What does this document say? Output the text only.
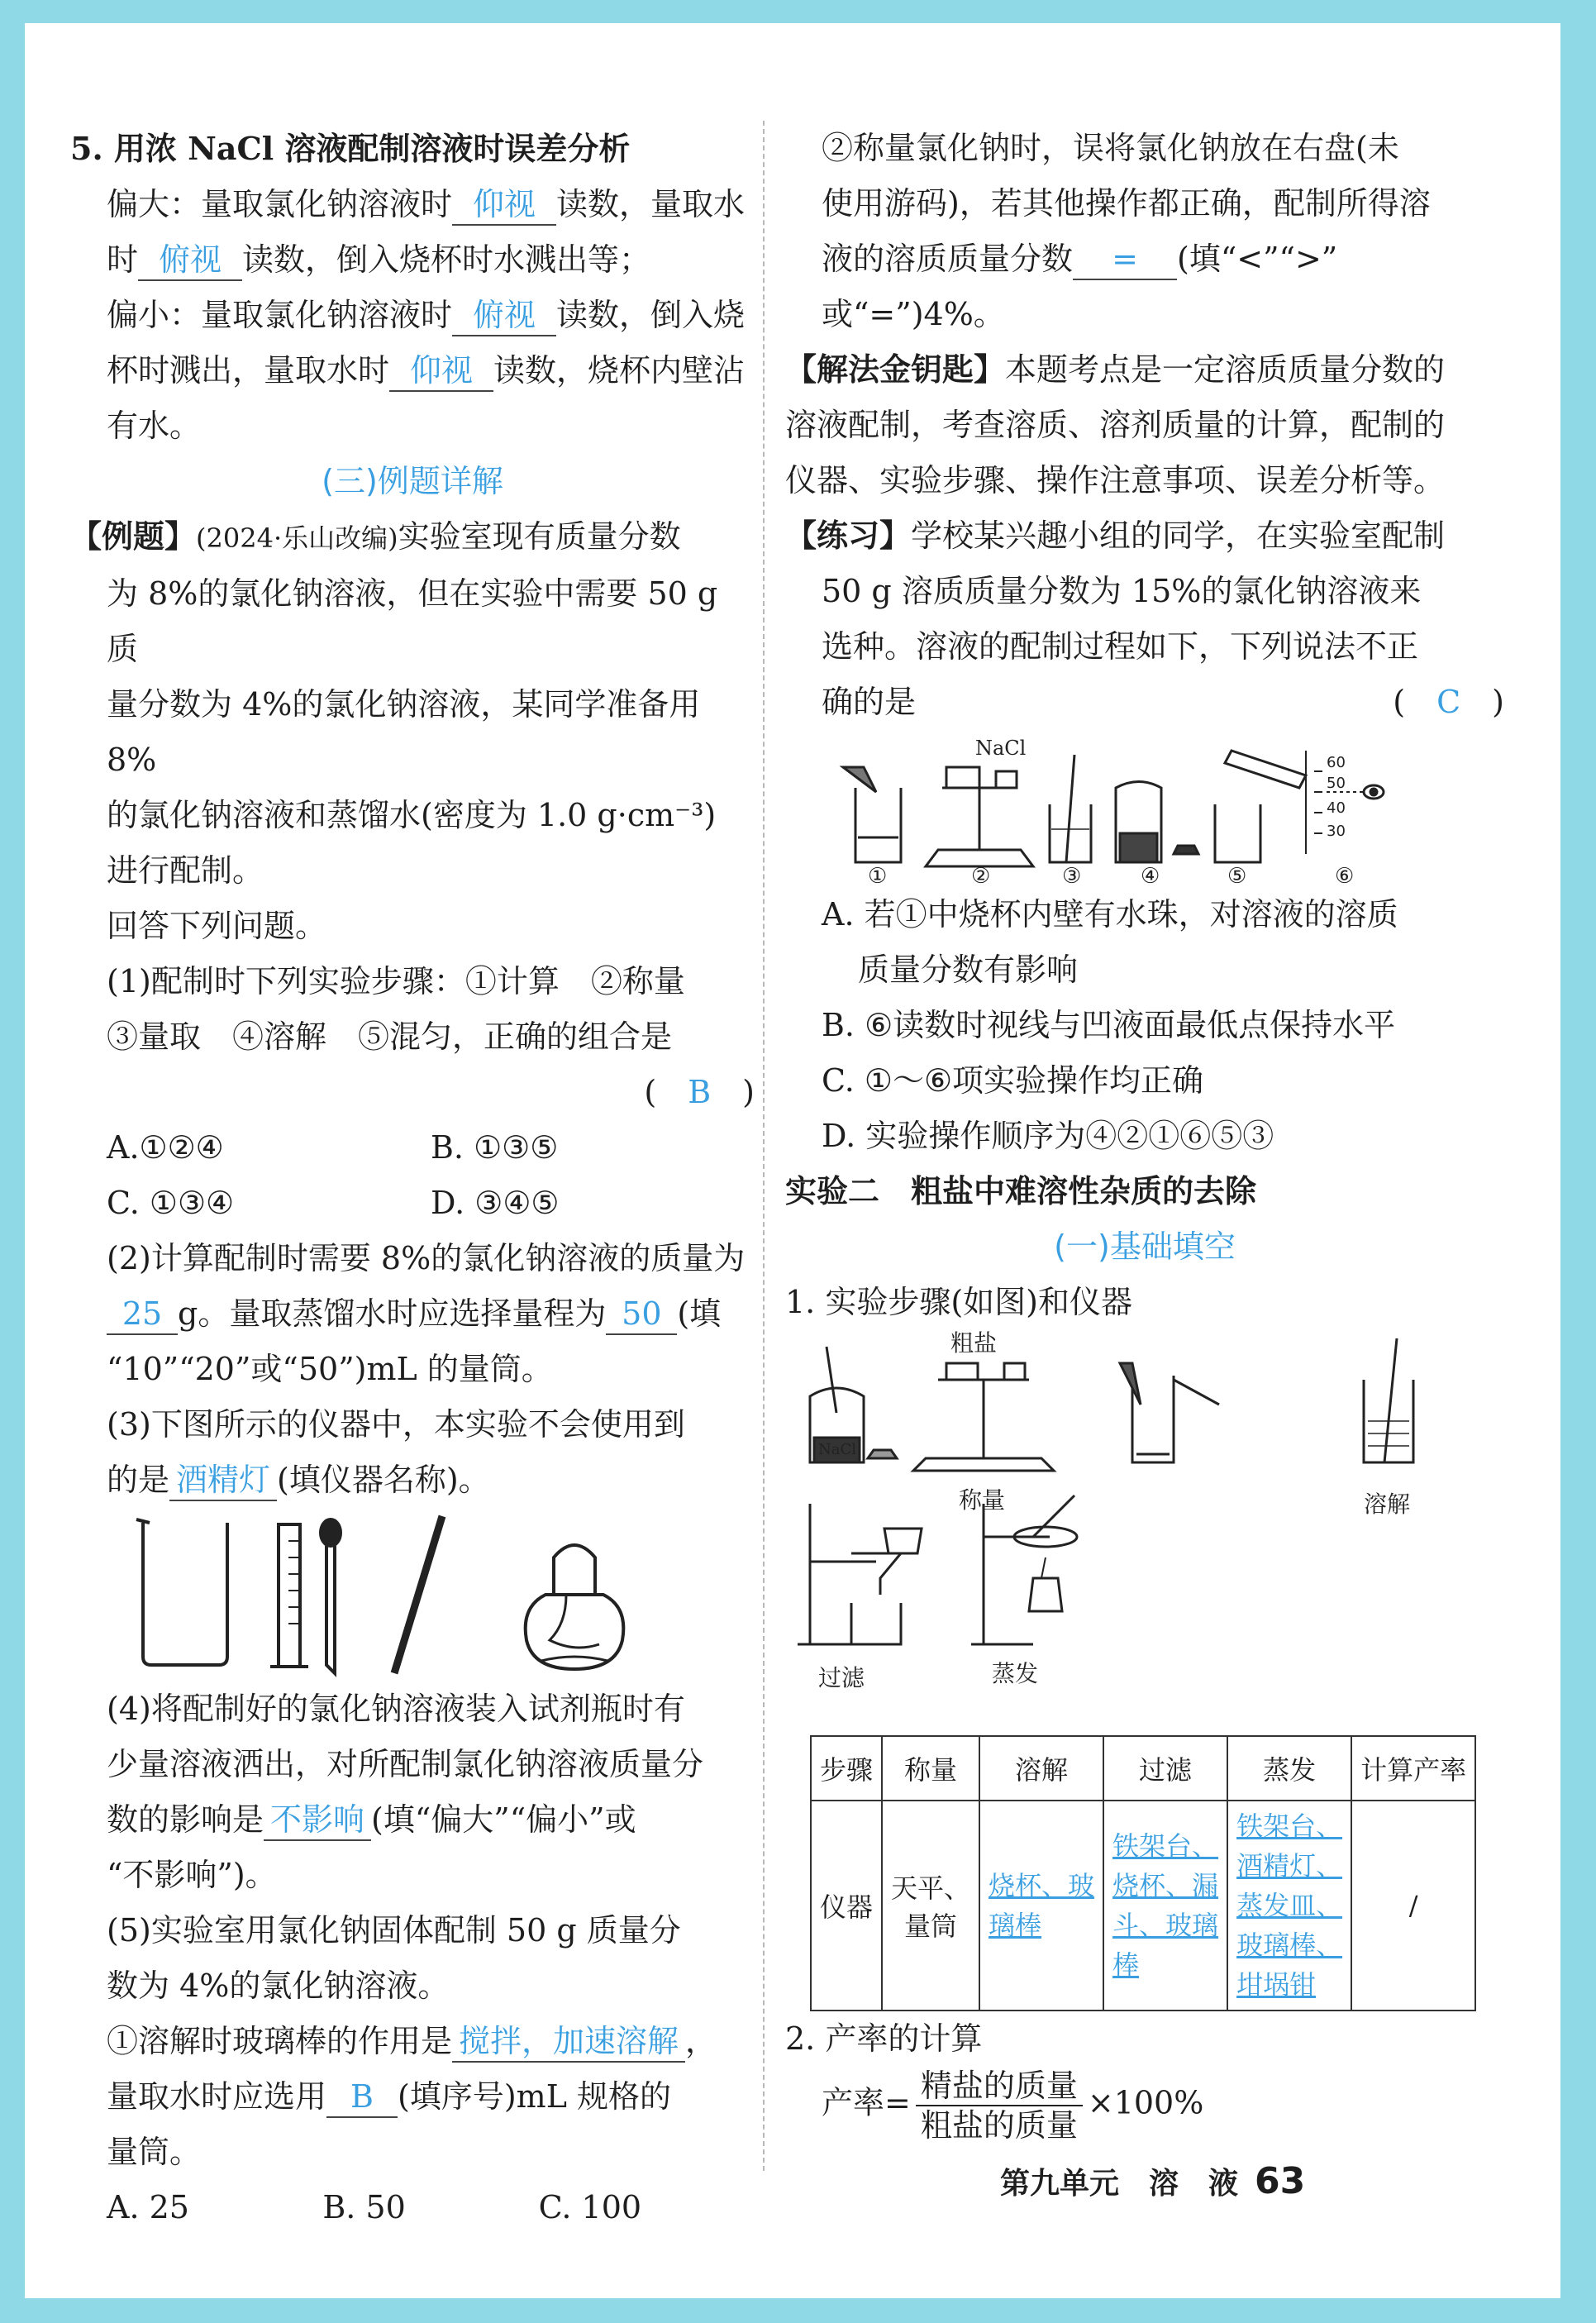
5. 用浓 NaCl 溶液配制溶液时误差分析

偏大：量取氯化钠溶液时 仰视 读数，量取水

时 俯视 读数，倒入烧杯时水溅出等；

偏小：量取氯化钠溶液时 俯视 读数，倒入烧

杯时溅出，量取水时 仰视 读数，烧杯内壁沾

有水。

(三)例题详解

【例题】(2024·乐山改编)实验室现有质量分数

为 8%的氯化钠溶液，但在实验中需要 50 g 质

量分数为 4%的氯化钠溶液，某同学准备用 8%

的氯化钠溶液和蒸馏水(密度为 1.0 g·cm⁻³)

进行配制。

回答下列问题。

(1)配制时下列实验步骤：①计算　②称量

③量取　④溶解　⑤混匀，正确的组合是

(　B　)

A.①②④	B. ①③⑤
C. ①③④	D. ③④⑤

(2)计算配制时需要 8%的氯化钠溶液的质量为

25 g。量取蒸馏水时应选择量程为 50 (填

“10”“20”或“50”)mL 的量筒。

(3)下图所示的仪器中，本实验不会使用到

的是 酒精灯 (填仪器名称)。

(4)将配制好的氯化钠溶液装入试剂瓶时有

少量溶液洒出，对所配制氯化钠溶液质量分

数的影响是 不影响 (填“偏大”“偏小”或

“不影响”)。

(5)实验室用氯化钠固体配制 50 g 质量分

数为 4%的氯化钠溶液。

①溶解时玻璃棒的作用是 搅拌，加速溶解 ，

量取水时应选用 B (填序号)mL 规格的

量筒。

A. 25	B. 50	C. 100

②称量氯化钠时，误将氯化钠放在右盘(未

使用游码)，若其他操作都正确，配制所得溶

液的溶质质量分数 = (填“<”“>”

或“=”)4%。

【解法金钥匙】本题考点是一定溶质质量分数的

溶液配制，考查溶质、溶剂质量的计算，配制的

仪器、实验步骤、操作注意事项、误差分析等。

【练习】学校某兴趣小组的同学，在实验室配制

50 g 溶质质量分数为 15%的氯化钠溶液来

选种。溶液的配制过程如下，下列说法不正

确的是	(　C　)

NaCl
60
50
40
30
①	②	③	④	⑤	⑥

A. 若①中烧杯内壁有水珠，对溶液的溶质

质量分数有影响

B. ⑥读数时视线与凹液面最低点保持水平

C. ①～⑥项实验操作均正确

D. 实验操作顺序为④②①⑥⑤③

实验二　粗盐中难溶性杂质的去除

(一)基础填空

1. 实验步骤(如图)和仪器

粗盐
NaCl
称量	溶解
过滤	蒸发
步骤	称量	溶解	过滤	蒸发	计算产率
仪器	天平、
量筒	烧杯、玻
璃棒	铁架台、
烧杯、漏
斗、玻璃
棒	铁架台、
酒精灯、
蒸发皿、
玻璃棒、
坩埚钳	/

2. 产率的计算

产率= $\frac{\text{精盐的质量}}{\text{粗盐的质量}} \times 100\%$

第九单元　溶　液 63
